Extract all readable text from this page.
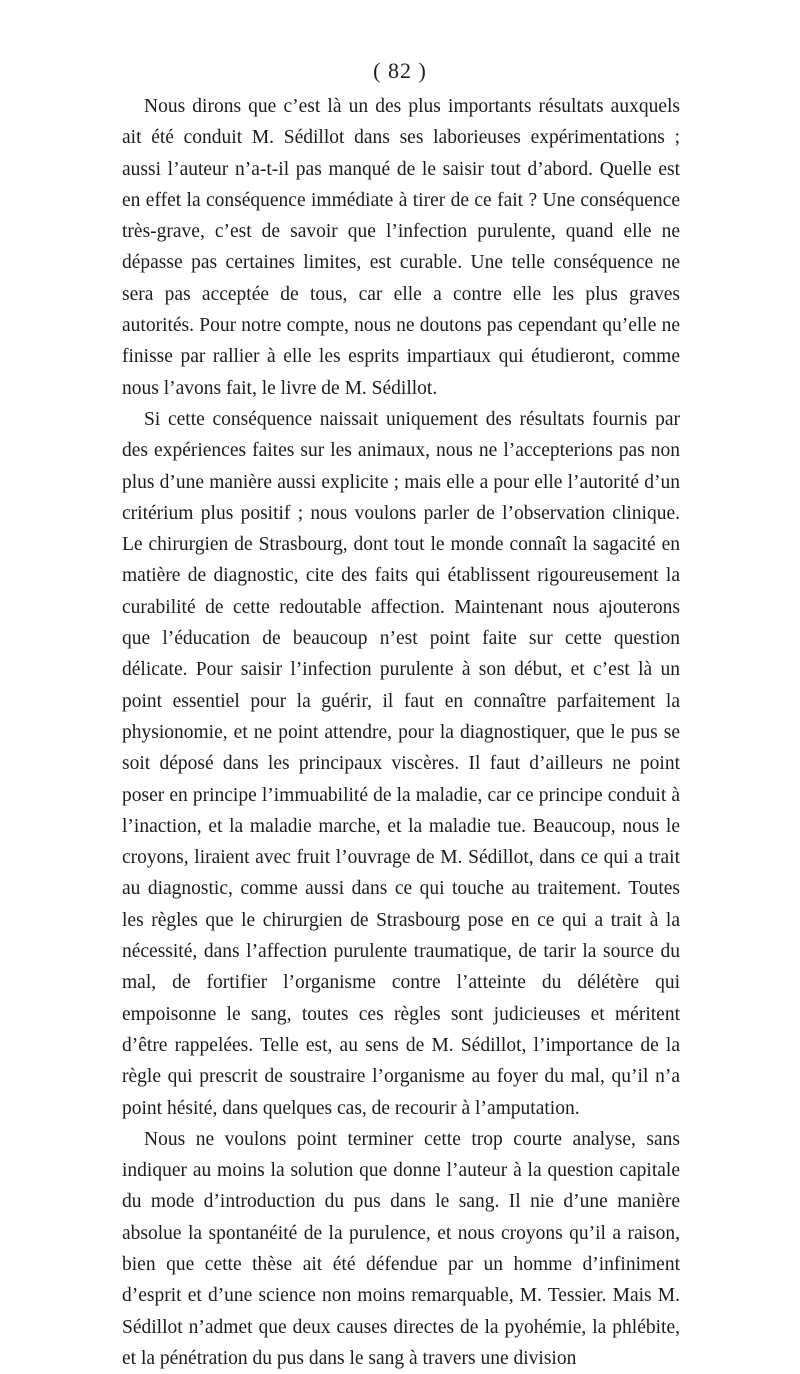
( 82 )

Nous dirons que c’est là un des plus importants résultats auxquels ait été conduit M. Sédillot dans ses laborieuses expérimentations ; aussi l’auteur n’a-t-il pas manqué de le saisir tout d’abord. Quelle est en effet la conséquence immédiate à tirer de ce fait ? Une conséquence très-grave, c’est de savoir que l’infection purulente, quand elle ne dépasse pas certaines limites, est curable. Une telle conséquence ne sera pas acceptée de tous, car elle a contre elle les plus graves autorités. Pour notre compte, nous ne doutons pas cependant qu’elle ne finisse par rallier à elle les esprits impartiaux qui étudieront, comme nous l’avons fait, le livre de M. Sédillot.

Si cette conséquence naissait uniquement des résultats fournis par des expériences faites sur les animaux, nous ne l’accepterions pas non plus d’une manière aussi explicite ; mais elle a pour elle l’autorité d’un critérium plus positif ; nous voulons parler de l’observation clinique. Le chirurgien de Strasbourg, dont tout le monde connaît la sagacité en matière de diagnostic, cite des faits qui établissent rigoureusement la curabilité de cette redoutable affection. Maintenant nous ajouterons que l’éducation de beaucoup n’est point faite sur cette question délicate. Pour saisir l’infection purulente à son début, et c’est là un point essentiel pour la guérir, il faut en connaître parfaitement la physionomie, et ne point attendre, pour la diagnostiquer, que le pus se soit déposé dans les principaux viscères. Il faut d’ailleurs ne point poser en principe l’immuabilité de la maladie, car ce principe conduit à l’inaction, et la maladie marche, et la maladie tue. Beaucoup, nous le croyons, liraient avec fruit l’ouvrage de M. Sédillot, dans ce qui a trait au diagnostic, comme aussi dans ce qui touche au traitement. Toutes les règles que le chirurgien de Strasbourg pose en ce qui a trait à la nécessité, dans l’affection purulente traumatique, de tarir la source du mal, de fortifier l’organisme contre l’atteinte du délétère qui empoisonne le sang, toutes ces règles sont judicieuses et méritent d’être rappelées. Telle est, au sens de M. Sédillot, l’importance de la règle qui prescrit de soustraire l’organisme au foyer du mal, qu’il n’a point hésité, dans quelques cas, de recourir à l’amputation.

Nous ne voulons point terminer cette trop courte analyse, sans indiquer au moins la solution que donne l’auteur à la question capitale du mode d’introduction du pus dans le sang. Il nie d’une manière absolue la spontanéité de la purulence, et nous croyons qu’il a raison, bien que cette thèse ait été défendue par un homme d’infiniment d’esprit et d’une science non moins remarquable, M. Tessier. Mais M. Sédillot n’admet que deux causes directes de la pyohémie, la phlébite, et la pénétration du pus dans le sang à travers une division
